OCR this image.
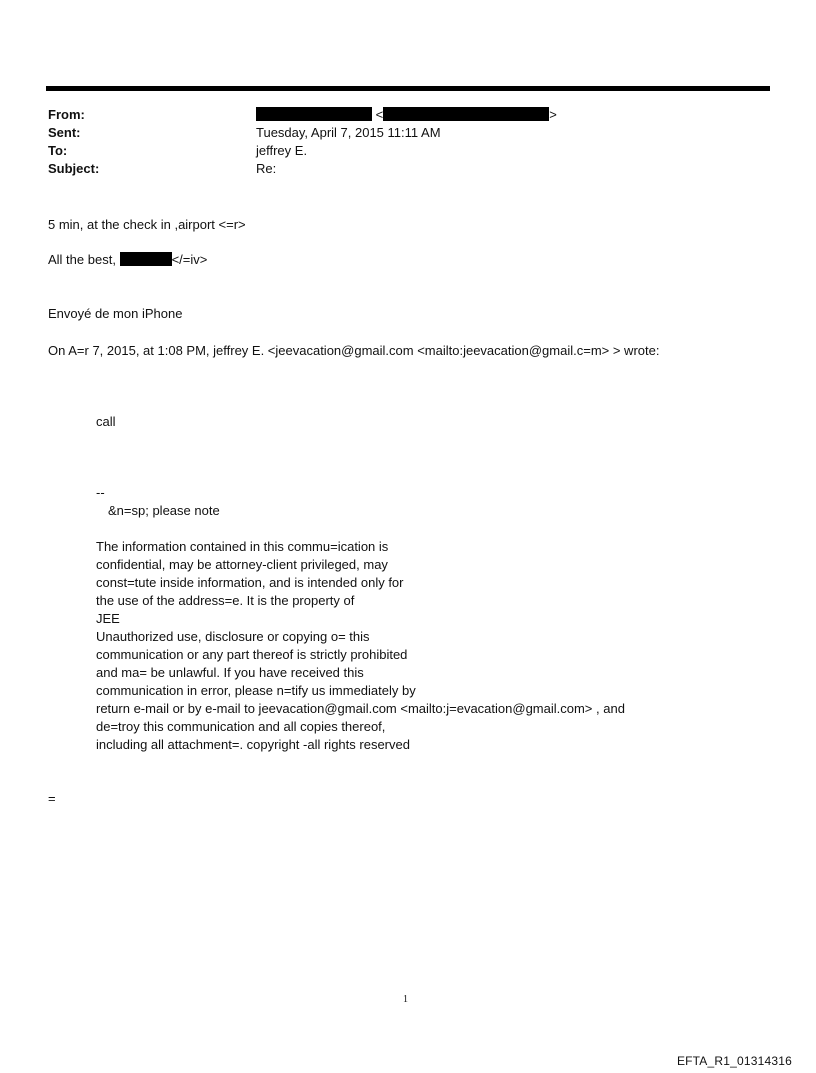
From:	<	>
Sent:	Tuesday, April 7, 2015 11:11 AM
To:	jeffrey E.
Subject:	Re:
5 min, at the check in ,airport <=r>
All the best,	</=iv>
Envoyé de mon iPhone
On A=r 7, 2015, at 1:08 PM, jeffrey E. <jeevacation@gmail.com <mailto:jeevacation@gmail.c=m> > wrote:
call
--
&n=sp; please note
The information contained in this commu=ication is
confidential, may be attorney-client privileged, may
const=tute inside information, and is intended only for
the use of the address=e. It is the property of
JEE
Unauthorized use, disclosure or copying o= this
communication or any part thereof is strictly prohibited
and ma= be unlawful. If you have received this
communication in error, please n=tify us immediately by
return e-mail or by e-mail to jeevacation@gmail.com <mailto:j=evacation@gmail.com> , and
de=troy this communication and all copies thereof,
including all attachment=. copyright -all rights reserved
=
1
EFTA_R1_01314316
